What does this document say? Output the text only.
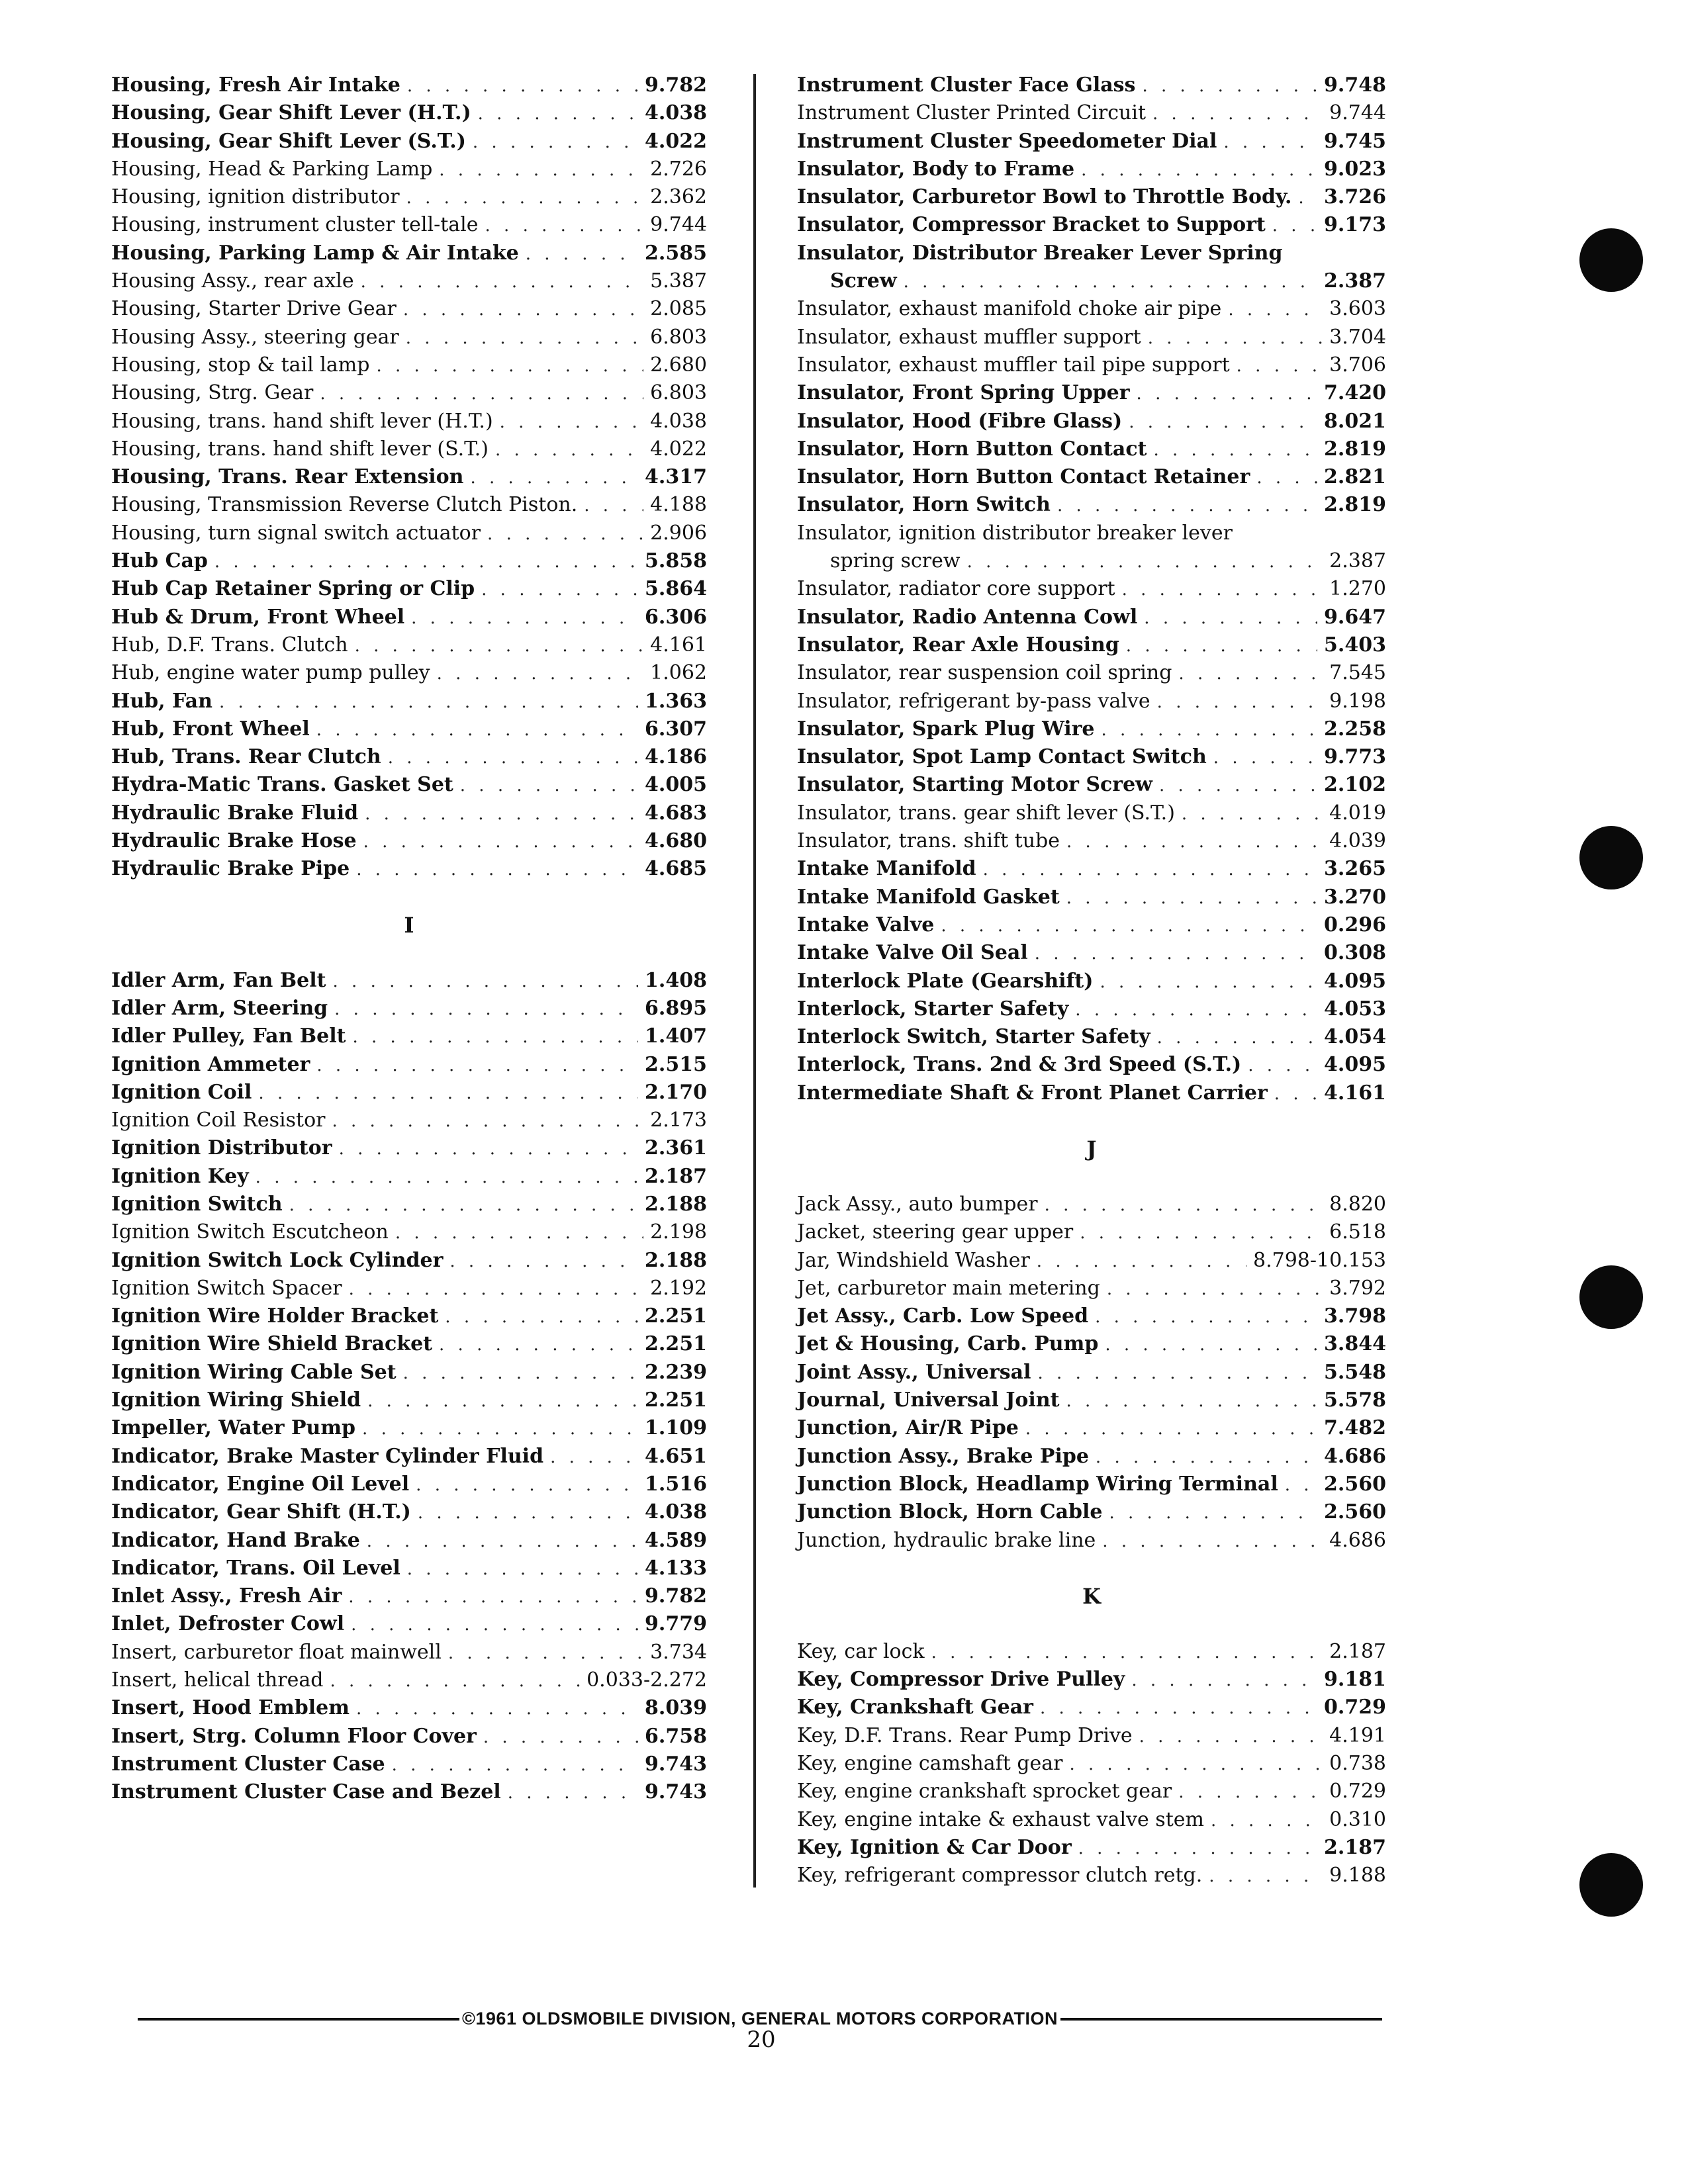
Housing, Fresh Air Intake . . .	9.782
Housing, Gear Shift Lever (H.T.) . . .	4.038
Housing, Gear Shift Lever (S.T.) . . .	4.022
Housing, Head & Parking Lamp . . .	2.726
Housing, ignition distributor . . .	2.362
Housing, instrument cluster tell-tale . . .	9.744
Housing, Parking Lamp & Air Intake . . .	2.585
Housing Assy., rear axle . . .	5.387
Housing, Starter Drive Gear . . .	2.085
Housing Assy., steering gear . . .	6.803
Housing, stop & tail lamp . . .	2.680
Housing, Strg. Gear . . .	6.803
Housing, trans. hand shift lever (H.T.) . . .	4.038
Housing, trans. hand shift lever (S.T.) . . .	4.022
Housing, Trans. Rear Extension . . .	4.317
Housing, Transmission Reverse Clutch Piston. . . .	4.188
Housing, turn signal switch actuator . . .	2.906
Hub Cap . . .	5.858
Hub Cap Retainer Spring or Clip . . .	5.864
Hub & Drum, Front Wheel . . .	6.306
Hub, D.F. Trans. Clutch . . .	4.161
Hub, engine water pump pulley . . .	1.062
Hub, Fan . . .	1.363
Hub, Front Wheel . . .	6.307
Hub, Trans. Rear Clutch . . .	4.186
Hydra-Matic Trans. Gasket Set . . .	4.005
Hydraulic Brake Fluid . . .	4.683
Hydraulic Brake Hose . . .	4.680
Hydraulic Brake Pipe . . .	4.685
I
Idler Arm, Fan Belt . . .	1.408
Idler Arm, Steering . . .	6.895
Idler Pulley, Fan Belt . . .	1.407
Ignition Ammeter . . .	2.515
Ignition Coil . . .	2.170
Ignition Coil Resistor . . .	2.173
Ignition Distributor . . .	2.361
Ignition Key . . .	2.187
Ignition Switch . . .	2.188
Ignition Switch Escutcheon . . .	2.198
Ignition Switch Lock Cylinder . . .	2.188
Ignition Switch Spacer . . .	2.192
Ignition Wire Holder Bracket . . .	2.251
Ignition Wire Shield Bracket . . .	2.251
Ignition Wiring Cable Set . . .	2.239
Ignition Wiring Shield . . .	2.251
Impeller, Water Pump . . .	1.109
Indicator, Brake Master Cylinder Fluid . . .	4.651
Indicator, Engine Oil Level . . .	1.516
Indicator, Gear Shift (H.T.) . . .	4.038
Indicator, Hand Brake . . .	4.589
Indicator, Trans. Oil Level . . .	4.133
Inlet Assy., Fresh Air . . .	9.782
Inlet, Defroster Cowl . . .	9.779
Insert, carburetor float mainwell . . .	3.734
Insert, helical thread . . .	0.033-2.272
Insert, Hood Emblem . . .	8.039
Insert, Strg. Column Floor Cover . . .	6.758
Instrument Cluster Case . . .	9.743
Instrument Cluster Case and Bezel . . .	9.743
Instrument Cluster Face Glass . . .	9.748
Instrument Cluster Printed Circuit . . .	9.744
Instrument Cluster Speedometer Dial . . .	9.745
Insulator, Body to Frame . . .	9.023
Insulator, Carburetor Bowl to Throttle Body. . . . 3.726
Insulator, Compressor Bracket to Support . . .	9.173
Insulator, Distributor Breaker Lever Spring
Screw . . .	2.387
Insulator, exhaust manifold choke air pipe . . .	3.603
Insulator, exhaust muffler support . . .	3.704
Insulator, exhaust muffler tail pipe support . . .	3.706
Insulator, Front Spring Upper . . .	7.420
Insulator, Hood (Fibre Glass) . . .	8.021
Insulator, Horn Button Contact . . .	2.819
Insulator, Horn Button Contact Retainer . . .	2.821
Insulator, Horn Switch . . .	2.819
Insulator, ignition distributor breaker lever
spring screw . . .	2.387
Insulator, radiator core support . . .	1.270
Insulator, Radio Antenna Cowl . . .	9.647
Insulator, Rear Axle Housing . . .	5.403
Insulator, rear suspension coil spring . . .	7.545
Insulator, refrigerant by-pass valve . . .	9.198
Insulator, Spark Plug Wire . . .	2.258
Insulator, Spot Lamp Contact Switch . . .	9.773
Insulator, Starting Motor Screw . . .	2.102
Insulator, trans. gear shift lever (S.T.) . . .	4.019
Insulator, trans. shift tube . . .	4.039
Intake Manifold . . .	3.265
Intake Manifold Gasket . . .	3.270
Intake Valve . . .	0.296
Intake Valve Oil Seal . . .	0.308
Interlock Plate (Gearshift) . . .	4.095
Interlock, Starter Safety . . .	4.053
Interlock Switch, Starter Safety . . .	4.054
Interlock, Trans. 2nd & 3rd Speed (S.T.) . . .	4.095
Intermediate Shaft & Front Planet Carrier . . .	4.161
J
Jack Assy., auto bumper . . .	8.820
Jacket, steering gear upper . . .	6.518
Jar, Windshield Washer . . .	8.798-10.153
Jet, carburetor main metering . . .	3.792
Jet Assy., Carb. Low Speed . . .	3.798
Jet & Housing, Carb. Pump . . .	3.844
Joint Assy., Universal . . .	5.548
Journal, Universal Joint . . .	5.578
Junction, Air/R Pipe . . .	7.482
Junction Assy., Brake Pipe . . .	4.686
Junction Block, Headlamp Wiring Terminal . . . 2.560
Junction Block, Horn Cable . . .	2.560
Junction, hydraulic brake line . . .	4.686
K
Key, car lock . . .	2.187
Key, Compressor Drive Pulley . . .	9.181
Key, Crankshaft Gear . . .	0.729
Key, D.F. Trans. Rear Pump Drive . . .	4.191
Key, engine camshaft gear . . .	0.738
Key, engine crankshaft sprocket gear . . .	0.729
Key, engine intake & exhaust valve stem . . .	0.310
Key, Ignition & Car Door . . .	2.187
Key, refrigerant compressor clutch retg. . . .	9.188
©1961 OLDSMOBILE DIVISION, GENERAL MOTORS CORPORATION
20
